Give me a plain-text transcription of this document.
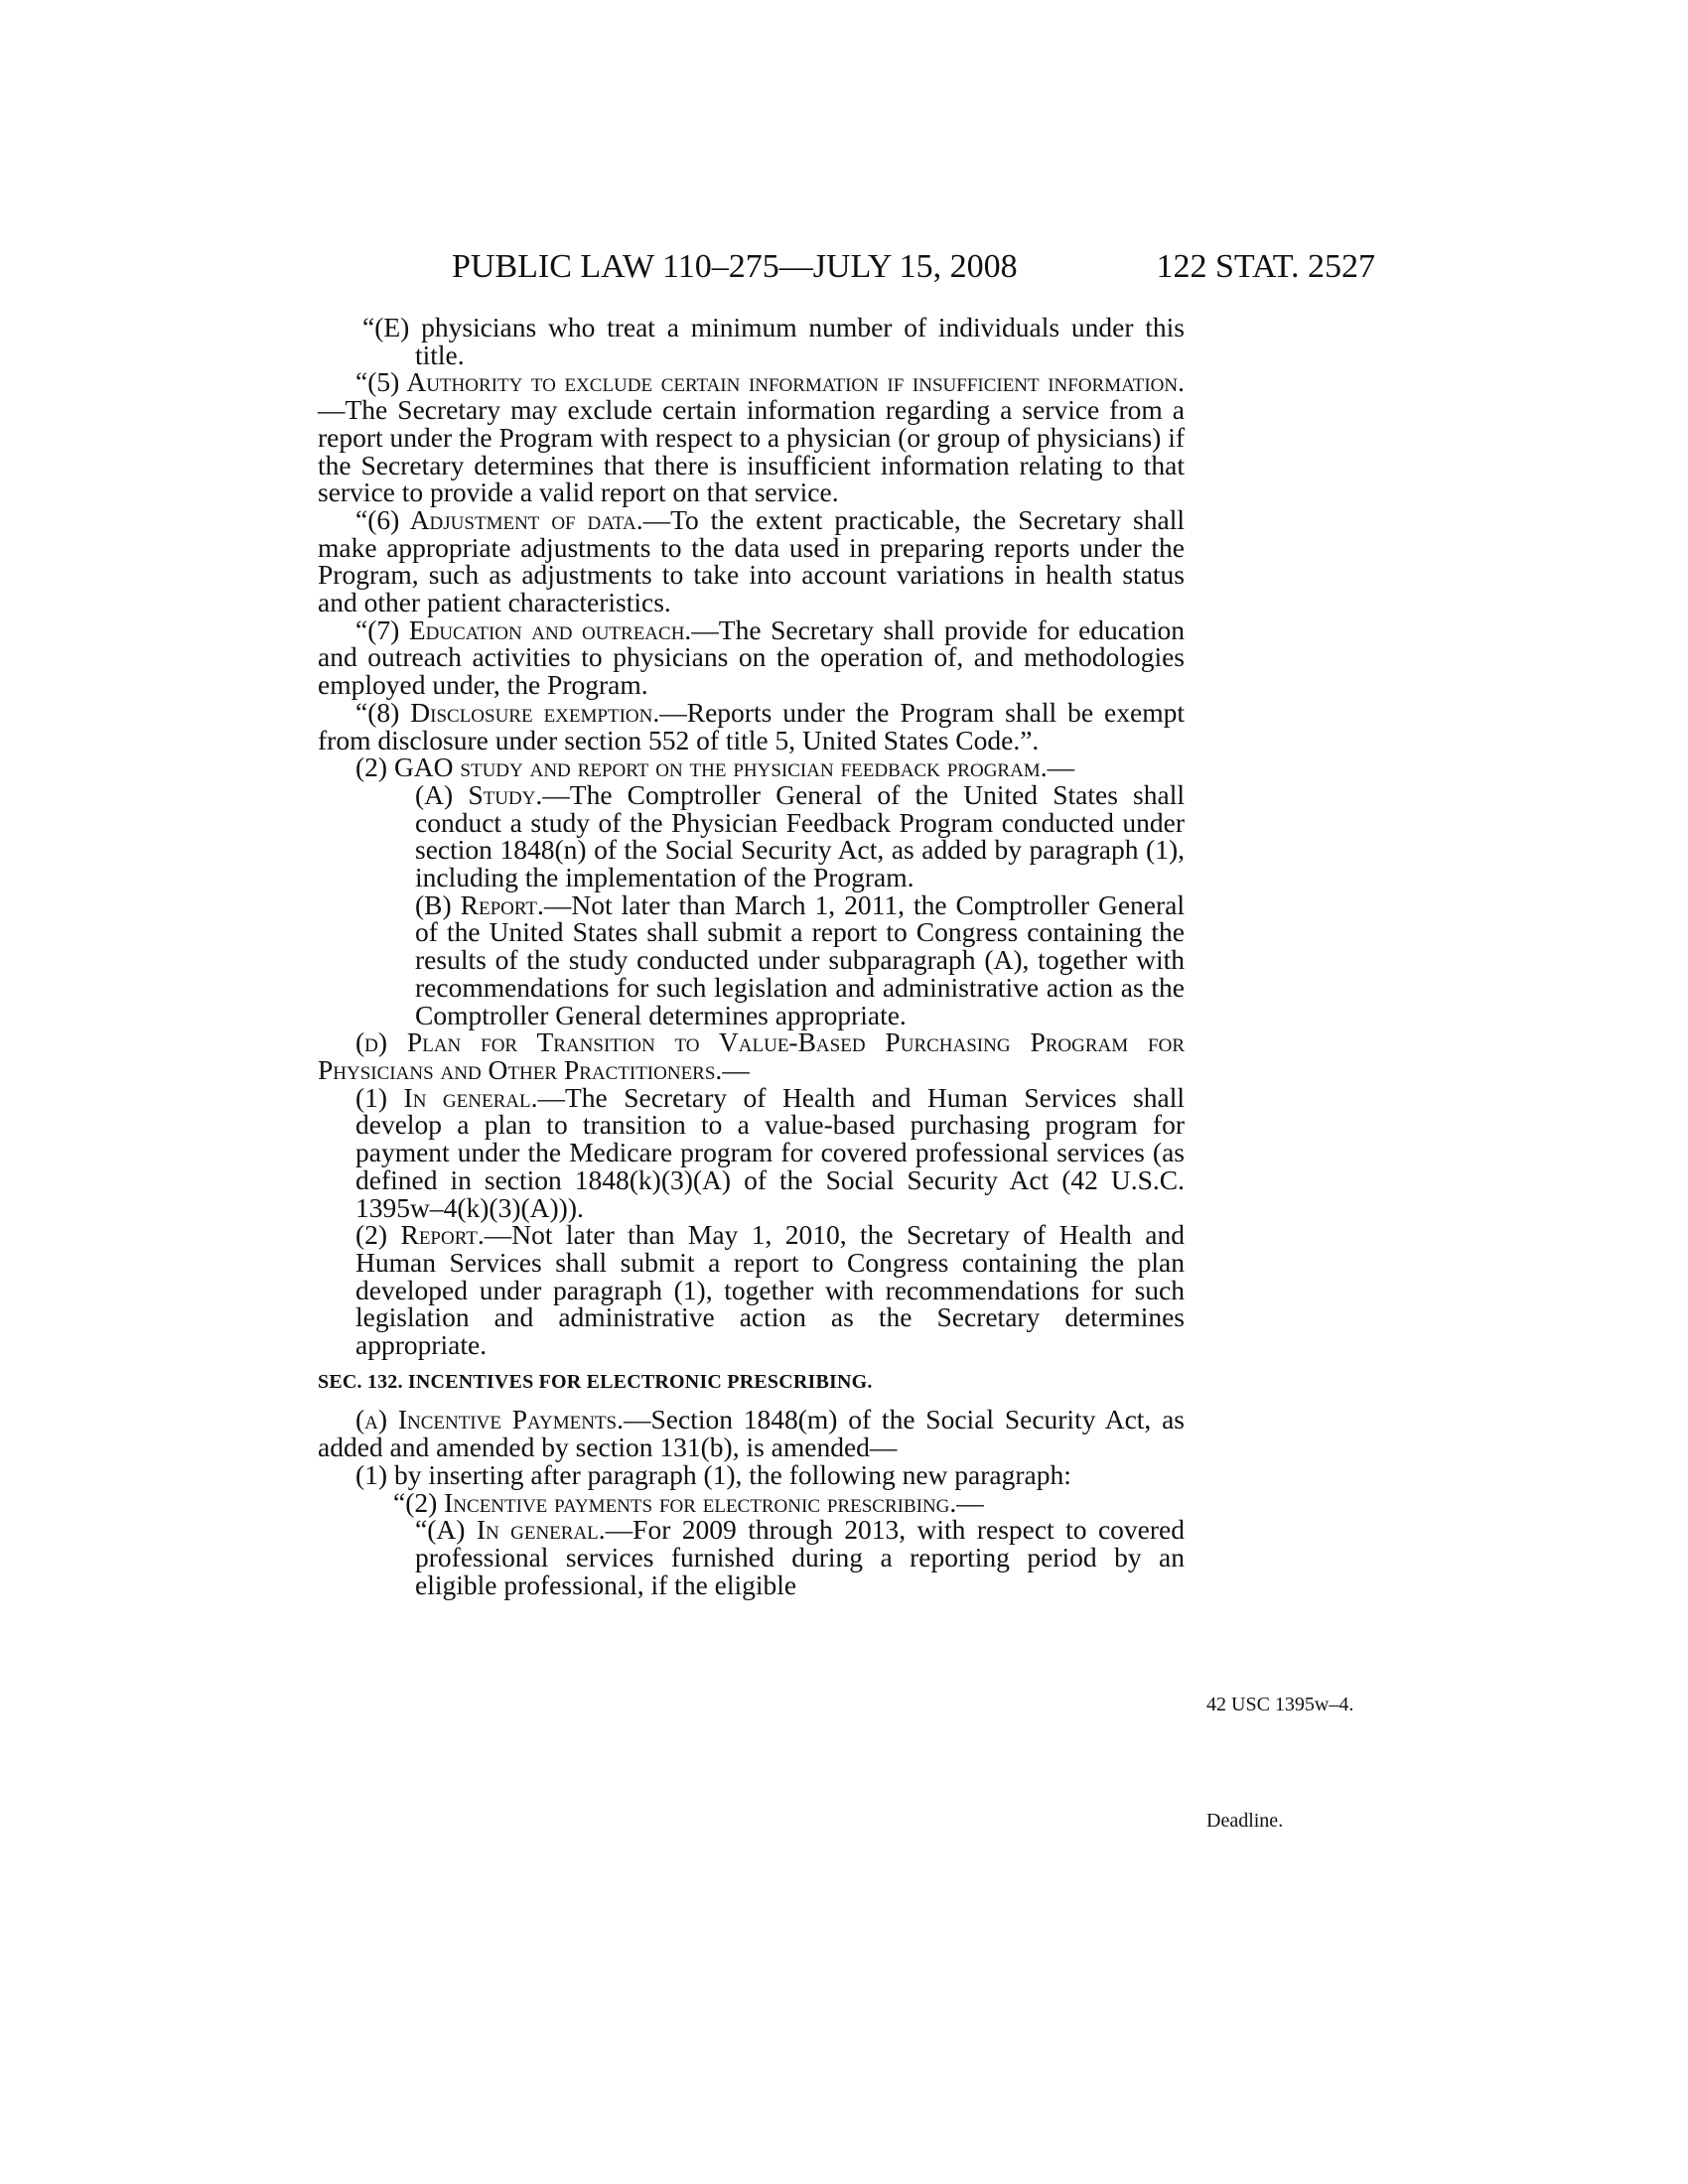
PUBLIC LAW 110–275—JULY 15, 2008	122 STAT. 2527

“(E) physicians who treat a minimum number of individuals under this title.

“(5) Authority to exclude certain information if insufficient information.—The Secretary may exclude certain information regarding a service from a report under the Program with respect to a physician (or group of physicians) if the Secretary determines that there is insufficient information relating to that service to provide a valid report on that service.

“(6) Adjustment of data.—To the extent practicable, the Secretary shall make appropriate adjustments to the data used in preparing reports under the Program, such as adjustments to take into account variations in health status and other patient characteristics.

“(7) Education and outreach.—The Secretary shall provide for education and outreach activities to physicians on the operation of, and methodologies employed under, the Program.

“(8) Disclosure exemption.—Reports under the Program shall be exempt from disclosure under section 552 of title 5, United States Code.”.

(2) GAO study and report on the physician feedback program.—

(A) Study.—The Comptroller General of the United States shall conduct a study of the Physician Feedback Program conducted under section 1848(n) of the Social Security Act, as added by paragraph (1), including the implementation of the Program.

(B) Report.—Not later than March 1, 2011, the Comptroller General of the United States shall submit a report to Congress containing the results of the study conducted under subparagraph (A), together with recommendations for such legislation and administrative action as the Comptroller General determines appropriate.

(d) Plan for Transition to Value-Based Purchasing Program for Physicians and Other Practitioners.—

(1) In general.—The Secretary of Health and Human Services shall develop a plan to transition to a value-based purchasing program for payment under the Medicare program for covered professional services (as defined in section 1848(k)(3)(A) of the Social Security Act (42 U.S.C. 1395w–4(k)(3)(A))).

(2) Report.—Not later than May 1, 2010, the Secretary of Health and Human Services shall submit a report to Congress containing the plan developed under paragraph (1), together with recommendations for such legislation and administrative action as the Secretary determines appropriate.

SEC. 132. INCENTIVES FOR ELECTRONIC PRESCRIBING.

(a) Incentive Payments.—Section 1848(m) of the Social Security Act, as added and amended by section 131(b), is amended—

(1) by inserting after paragraph (1), the following new paragraph:

“(2) Incentive payments for electronic prescribing.—

“(A) In general.—For 2009 through 2013, with respect to covered professional services furnished during a reporting period by an eligible professional, if the eligible

42 USC 1395w–4.
Deadline.
